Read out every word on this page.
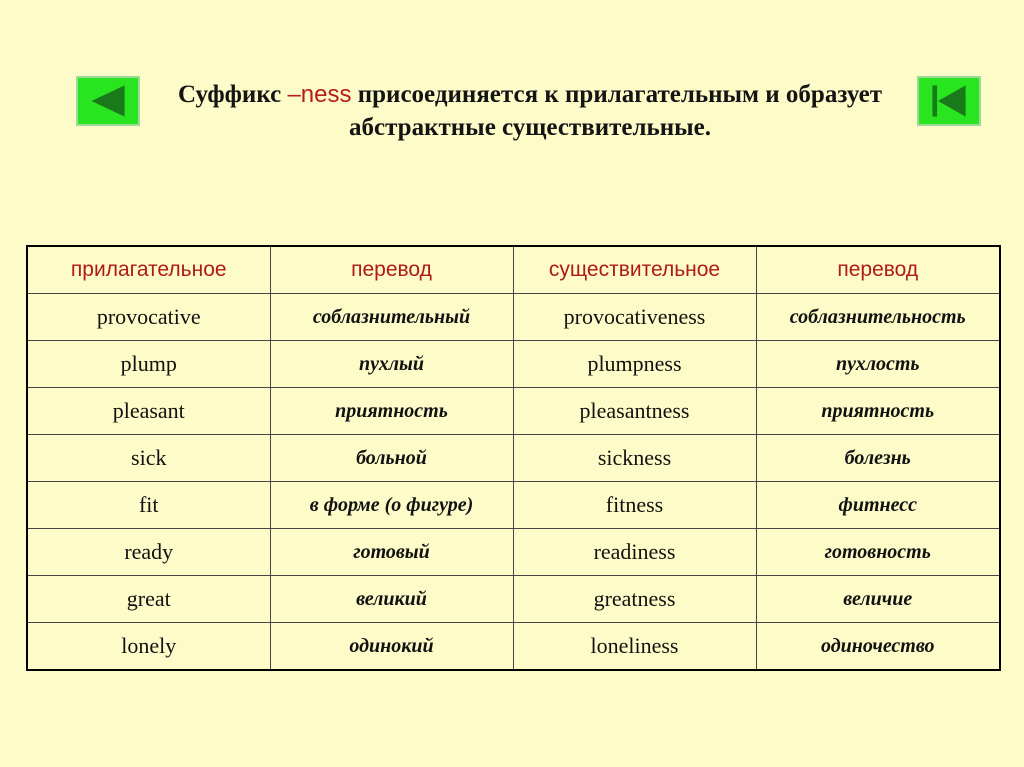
Суффикс –ness присоединяется к прилагательным и образует абстрактные существительные.
прилагательное	перевод	существительное	перевод
provocative	соблазнительный	provocativeness	соблазнительность
plump	пухлый	plumpness	пухлость
pleasant	приятность	pleasantness	приятность
sick	больной	sickness	болезнь
fit	в форме (о фигуре)	fitness	фитнесс
ready	готовый	readiness	готовность
great	великий	greatness	величие
lonely	одинокий	loneliness	одиночество
